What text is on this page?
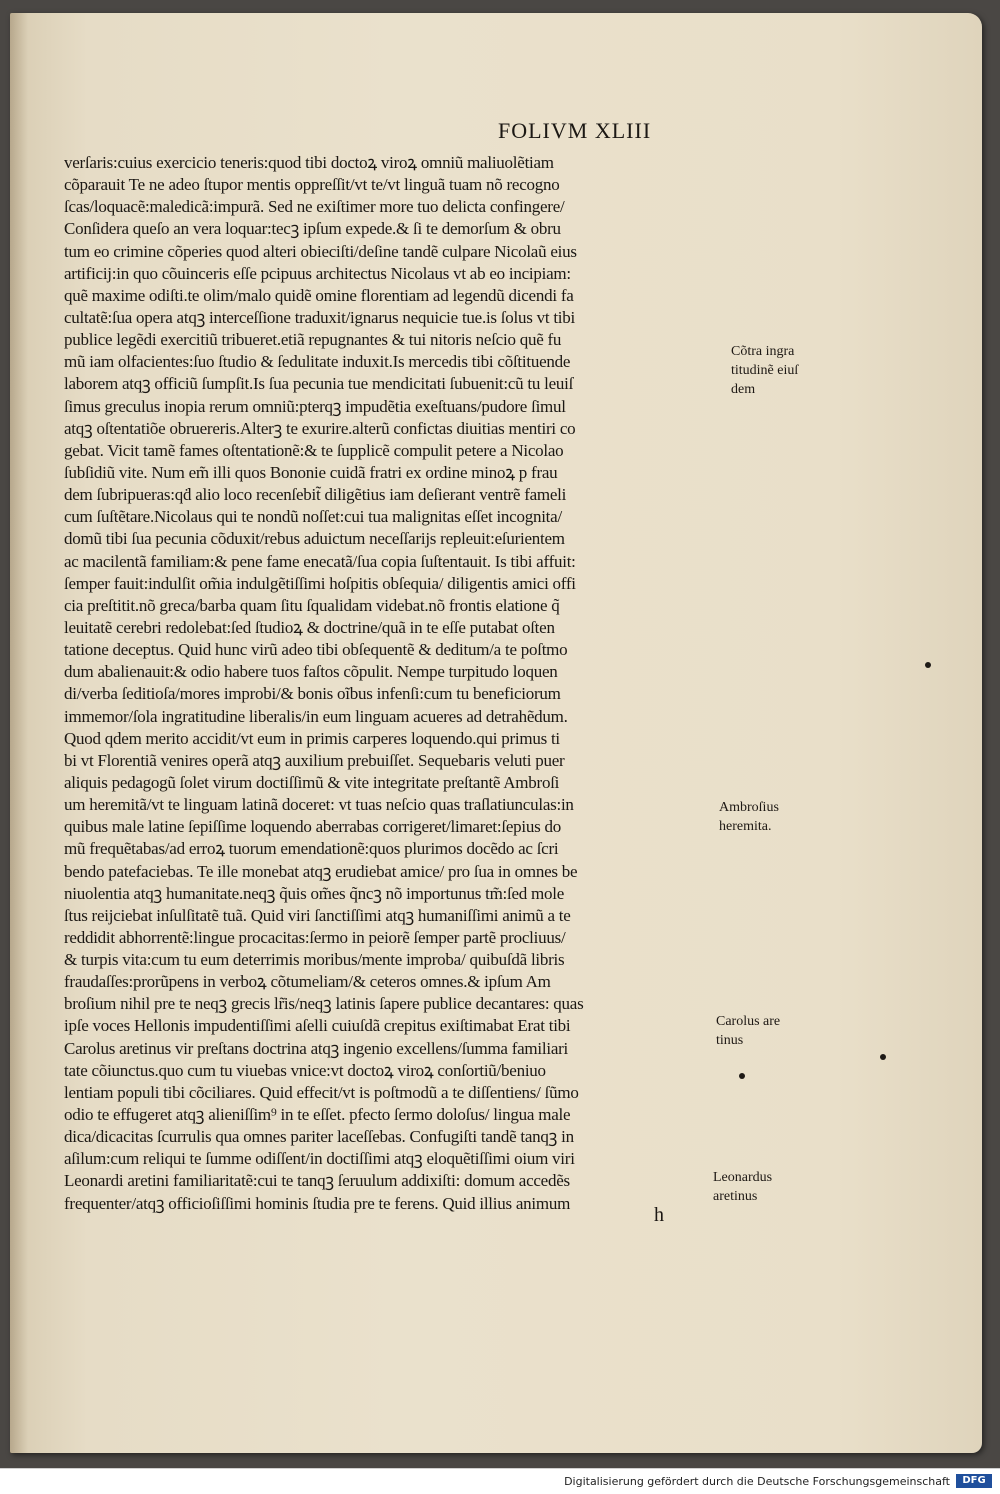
FOLIVM XLIII
verſaris:cuius exercicio teneris:quod tibi doctoꝝ viroꝝ omniũ maliuolẽtiam
cõparauit Te ne adeo ſtupor mentis oppreſſit/vt te/vt linguã tuam nõ recogno
ſcas/loquacẽ:maledicã:impurã. Sed ne exiſtimer more tuo delicta confingere/
Conſidera queſo an vera loquar:tecꝫ ipſum expede.& ſi te demorſum & obru
tum eo crimine cõperies quod alteri obieciſti/deſine tandẽ culpare Nicolaũ eius
artificij:in quo cõuinceris eſſe pcipuus architectus Nicolaus vt ab eo incipiam:
quẽ maxime odiſti.te olim/malo quidẽ omine florentiam ad legendũ dicendi fa
cultatẽ:ſua opera atqꝫ interceſſione traduxit/ignarus nequicie tue.is ſolus vt tibi
publice legẽdi exercitiũ tribueret.etiã repugnantes & tui nitoris neſcio quẽ fu
mũ iam olfacientes:ſuo ſtudio & ſedulitate induxit.Is mercedis tibi cõſtituende
laborem atqꝫ officiũ ſumpſit.Is ſua pecunia tue mendicitati ſubuenit:cũ tu leuiſ
ſimus greculus inopia rerum omniũ:pterqꝫ impudẽtia exeſtuans/pudore ſimul
atqꝫ oſtentatiõe obruereris.Alterꝫ te exurire.alterũ confictas diuitias mentiri co
gebat. Vicit tamẽ fames oſtentationẽ:& te ſupplicẽ compulit petere a Nicolao
ſubſidiũ vite. Num em̃ illi quos Bononie cuidã fratri ex ordine minoꝝ p frau
dem ſubripueras:qḋ alio loco recenſebit̃ diligẽtius iam deſierant ventrẽ fameli
cum ſuſtẽtare.Nicolaus qui te nondũ noſſet:cui tua malignitas eſſet incognita/
domũ tibi ſua pecunia cõduxit/rebus aduictum neceſſarijs repleuit:eſurientem
ac macilentã familiam:& pene fame enecatã/ſua copia ſuſtentauit. Is tibi affuit:
ſemper fauit:indulſit om̃ia indulgẽtiſſimi hoſpitis obſequia/ diligentis amici offi
cia preſtitit.nõ greca/barba quam ſitu ſqualidam videbat.nõ frontis elatione q̃
leuitatẽ cerebri redolebat:ſed ſtudioꝝ & doctrine/quã in te eſſe putabat oſten
tatione deceptus. Quid hunc virũ adeo tibi obſequentẽ & deditum/a te poſtmo
dum abalienauit:& odio habere tuos faſtos cõpulit. Nempe turpitudo loquen
di/verba ſeditioſa/mores improbi/& bonis oĩbus infenſi:cum tu beneficiorum
immemor/ſola ingratitudine liberalis/in eum linguam acueres ad detrahẽdum.
Quod qdem merito accidit/vt eum in primis carperes loquendo.qui primus ti
bi vt Florentiã venires operã atqꝫ auxilium prebuiſſet. Sequebaris veluti puer
aliquis pedagogũ ſolet virum doctiſſimũ & vite integritate preſtantẽ Ambroſi
um heremitã/vt te linguam latinã doceret: vt tuas neſcio quas traſlatiunculas:in
quibus male latine ſepiſſime loquendo aberrabas corrigeret/limaret:ſepius do
mũ frequẽtabas/ad erroꝝ tuorum emendationẽ:quos plurimos docẽdo ac ſcri
bendo patefaciebas. Te ille monebat atqꝫ erudiebat amice/ pro ſua in omnes be
niuolentia atqꝫ humanitate.neqꝫ q̃uis om̃es q̃ncꝫ nõ importunus tm̃:ſed mole
ſtus reijciebat inſulſitatẽ tuã. Quid viri ſanctiſſimi atqꝫ humaniſſimi animũ a te
reddidit abhorrentẽ:lingue procacitas:ſermo in peiorẽ ſemper partẽ procliuus/
& turpis vita:cum tu eum deterrimis moribus/mente improba/ quibuſdã libris
fraudaſſes:prorũpens in verboꝝ cõtumeliam/& ceteros omnes.& ipſum Am
broſium nihil pre te neqꝫ grecis lr̃is/neqꝫ latinis ſapere publice decantares: quas
ipſe voces Hellonis impudentiſſimi aſelli cuiuſdã crepitus exiſtimabat Erat tibi
Carolus aretinus vir preſtans doctrina atqꝫ ingenio excellens/ſumma familiari
tate cõiunctus.quo cum tu viuebas vnice:vt doctoꝝ viroꝝ conſortiũ/beniuo
lentiam populi tibi cõciliares. Quid effecit/vt is poſtmodũ a te diſſentiens/ ſũmo
odio te effugeret atqꝫ alieniſſim⁹ in te eſſet. pfecto ſermo doloſus/ lingua male
dica/dicacitas ſcurrulis qua omnes pariter laceſſebas. Confugiſti tandẽ tanqꝫ in
aſilum:cum reliqui te ſumme odiſſent/in doctiſſimi atqꝫ eloquẽtiſſimi oium viri
Leonardi aretini familiaritatẽ:cui te tanqꝫ ſeruulum addixiſti: domum accedẽs
frequenter/atqꝫ officioſiſſimi hominis ſtudia pre te ferens. Quid illius animum
Cõtra ingra
titudinẽ eiuſ
dem
Ambroſius
heremita.
Carolus are
tinus
Leonardus
aretinus
h
Digitalisierung gefördert durch die Deutsche Forschungsgemeinschaft	DFG
